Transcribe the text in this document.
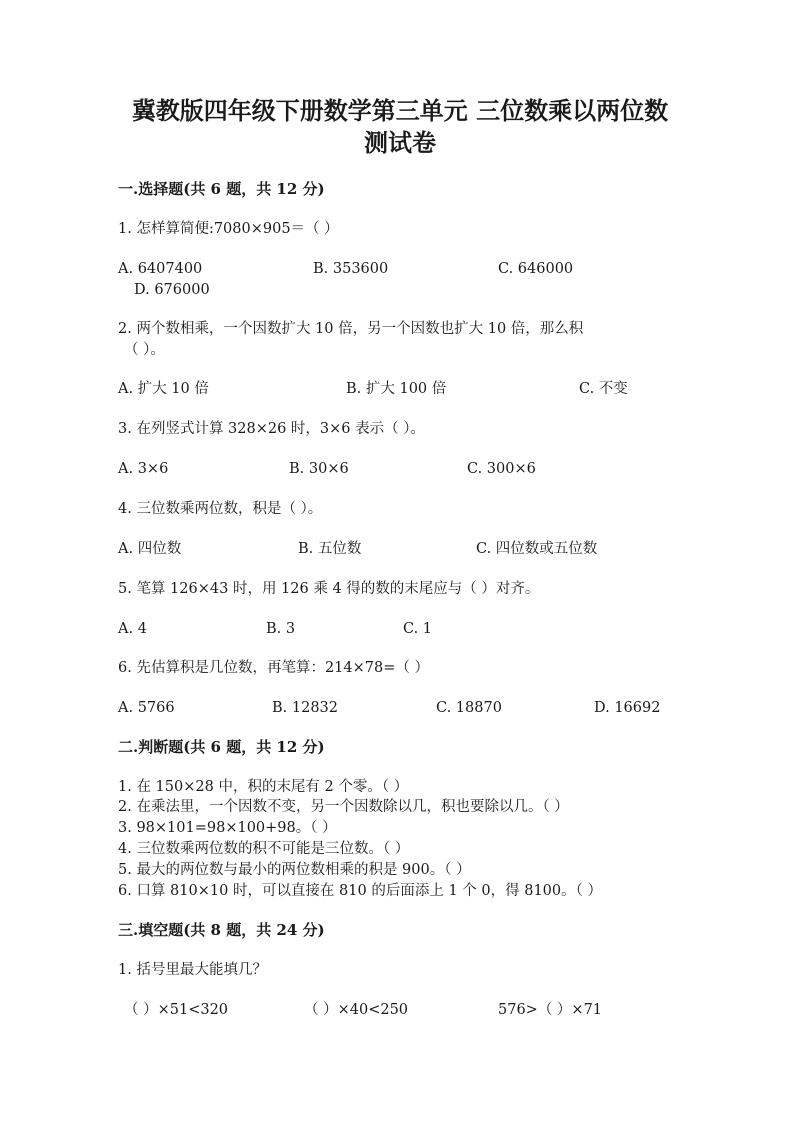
冀教版四年级下册数学第三单元 三位数乘以两位数
测试卷
一.选择题(共 6 题，共 12 分)
1. 怎样算简便:7080×905＝（ ）
A. 6407400	B. 353600	C. 646000
D. 676000
2. 两个数相乘，一个因数扩大 10 倍，另一个因数也扩大 10 倍，那么积
（ ）。
A. 扩大 10 倍	B. 扩大 100 倍	C. 不变
3. 在列竖式计算 328×26 时，3×6 表示（ ）。
A. 3×6	B. 30×6	C. 300×6
4. 三位数乘两位数，积是（ ）。
A. 四位数	B. 五位数	C. 四位数或五位数
5. 笔算 126×43 时，用 126 乘 4 得的数的末尾应与（ ）对齐。
A. 4	B. 3	C. 1
6. 先估算积是几位数，再笔算：214×78=（ ）
A. 5766	B. 12832	C. 18870	D. 16692
二.判断题(共 6 题，共 12 分)
1. 在 150×28 中，积的末尾有 2 个零。（ ）
2. 在乘法里，一个因数不变，另一个因数除以几，积也要除以几。（ ）
3. 98×101=98×100+98。（ ）
4. 三位数乘两位数的积不可能是三位数。（ ）
5. 最大的两位数与最小的两位数相乘的积是 900。（ ）
6. 口算 810×10 时，可以直接在 810 的后面添上 1 个 0，得 8100。（ ）
三.填空题(共 8 题，共 24 分)
1. 括号里最大能填几？
（ ）×51<320	（ ）×40<250	576>（ ）×71
